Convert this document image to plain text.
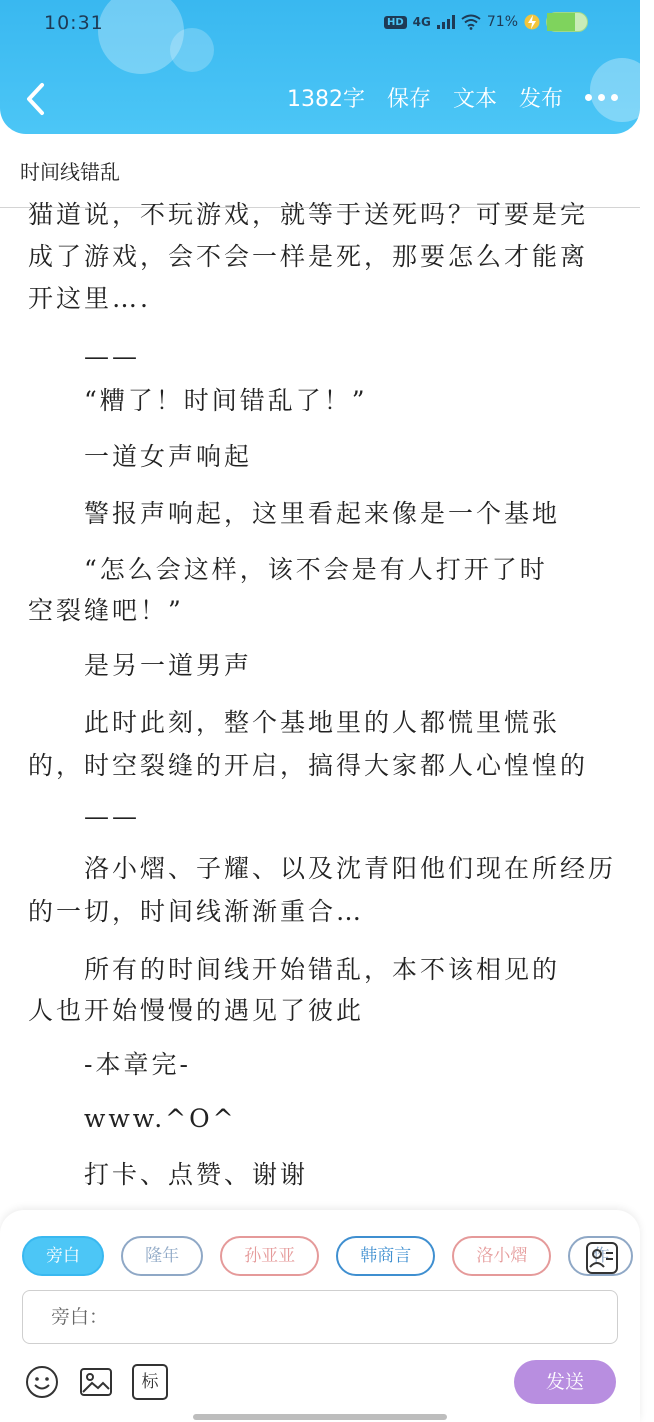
10:31	HD 4G	71%
1382字 保存 文本 发布
时间线错乱
猫道说，不玩游戏，就等于送死吗？可要是完
成了游戏，会不会一样是死，那要怎么才能离
开这里….
　　——
　　“糟了！时间错乱了！”
　　一道女声响起
　　警报声响起，这里看起来像是一个基地
　　“怎么会这样，该不会是有人打开了时
空裂缝吧！”
　　是另一道男声
　　此时此刻，整个基地里的人都慌里慌张
的，时空裂缝的开启，搞得大家都人心惶惶的
　　——
　　洛小熠、子耀、以及沈青阳他们现在所经历
的一切，时间线渐渐重合…
　　所有的时间线开始错乱，本不该相见的
人也开始慢慢的遇见了彼此
　　-本章完-
　　www.^O^
　　打卡、点赞、谢谢
旁白	隆年	孙亚亚	韩商言	洛小熠	作
旁白：
标	发送
